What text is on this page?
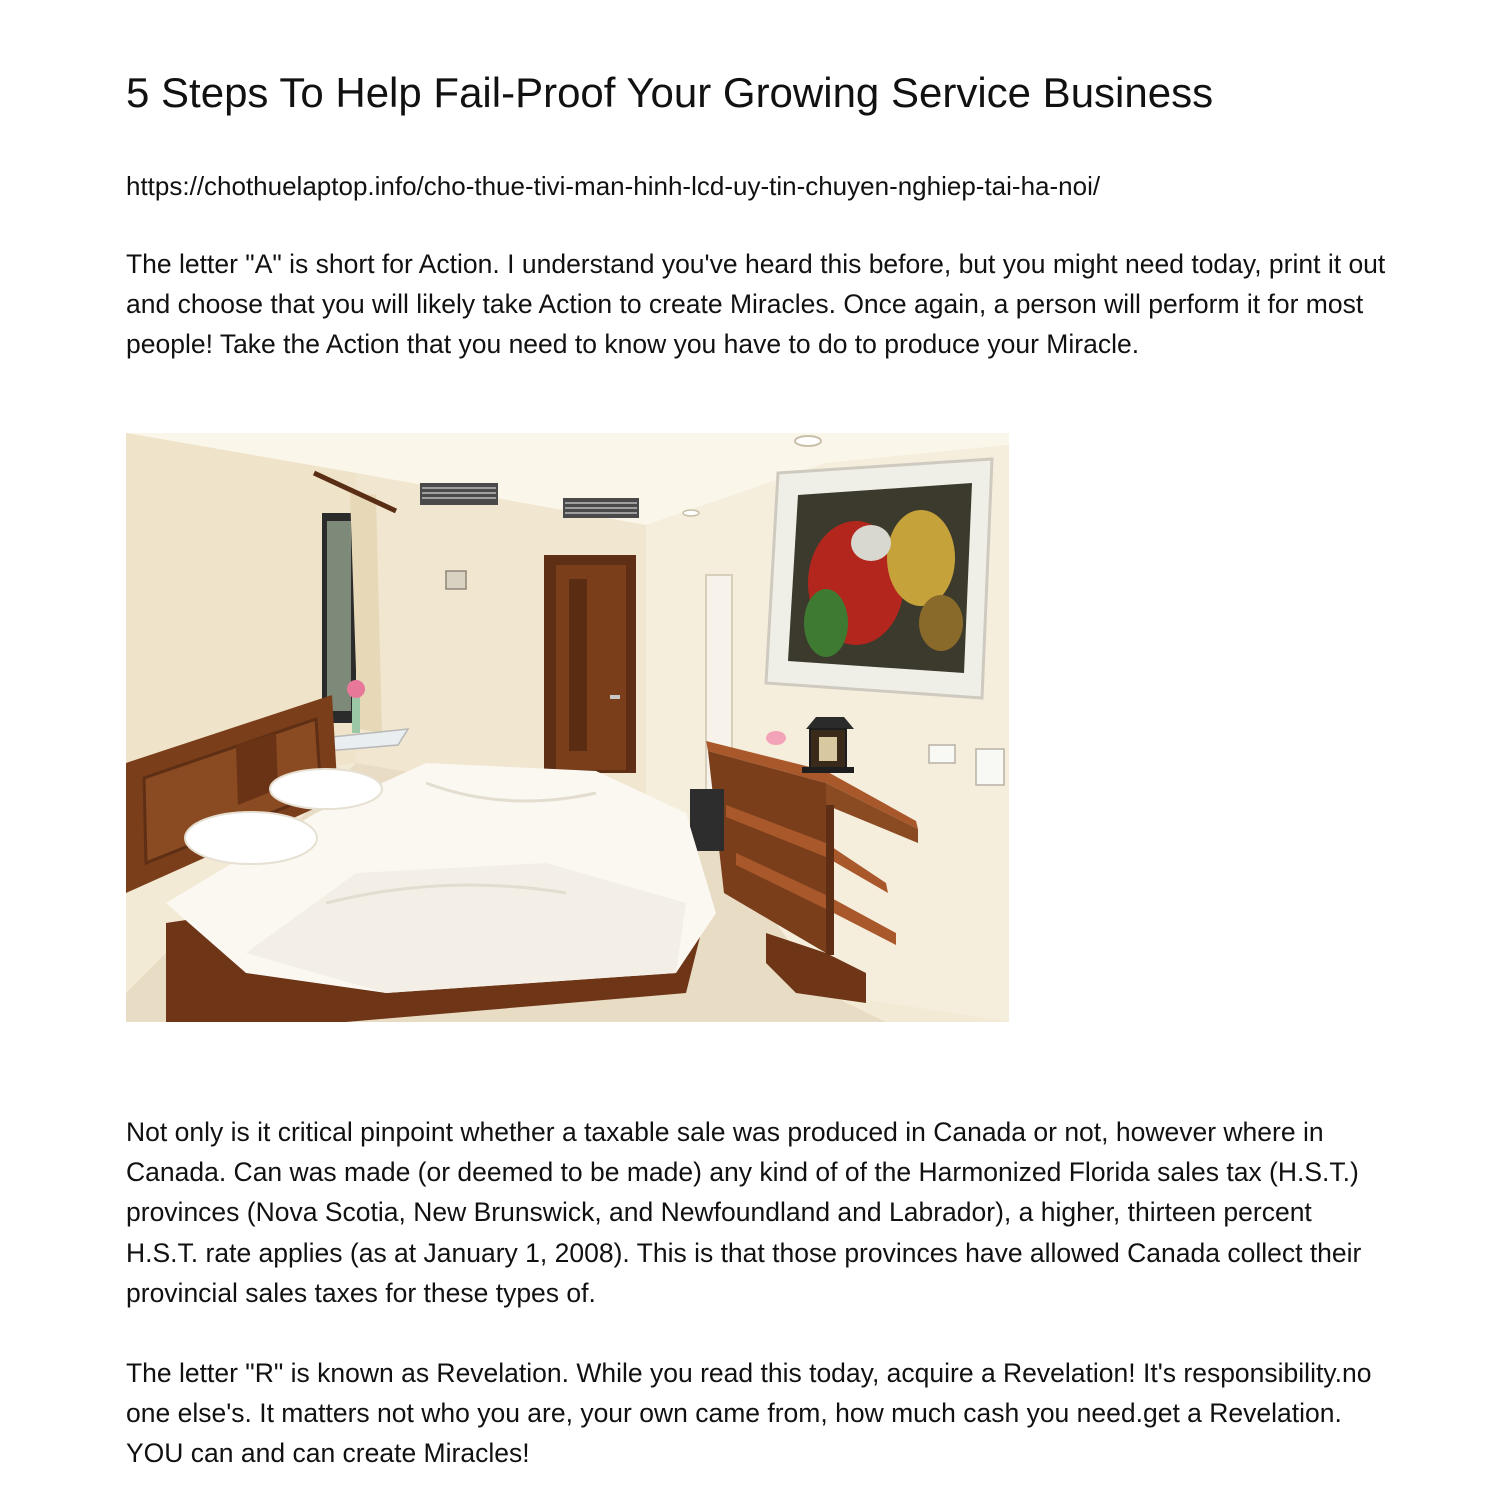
5 Steps To Help Fail-Proof Your Growing Service Business

https://chothuelaptop.info/cho-thue-tivi-man-hinh-lcd-uy-tin-chuyen-nghiep-tai-ha-noi/

The letter "A" is short for Action. I understand you've heard this before, but you might need today, print it out and choose that you will likely take Action to create Miracles. Once again, a person will perform it for most people! Take the Action that you need to know you have to do to produce your Miracle.

Not only is it critical pinpoint whether a taxable sale was produced in Canada or not, however where in Canada. Can was made (or deemed to be made) any kind of of the Harmonized Florida sales tax (H.S.T.) provinces (Nova Scotia, New Brunswick, and Newfoundland and Labrador), a higher, thirteen percent H.S.T. rate applies (as at January 1, 2008). This is that those provinces have allowed Canada collect their provincial sales taxes for these types of.

The letter "R" is known as Revelation. While you read this today, acquire a Revelation! It's responsibility.no one else's. It matters not who you are, your own came from, how much cash you need.get a Revelation. YOU can and can create Miracles!
